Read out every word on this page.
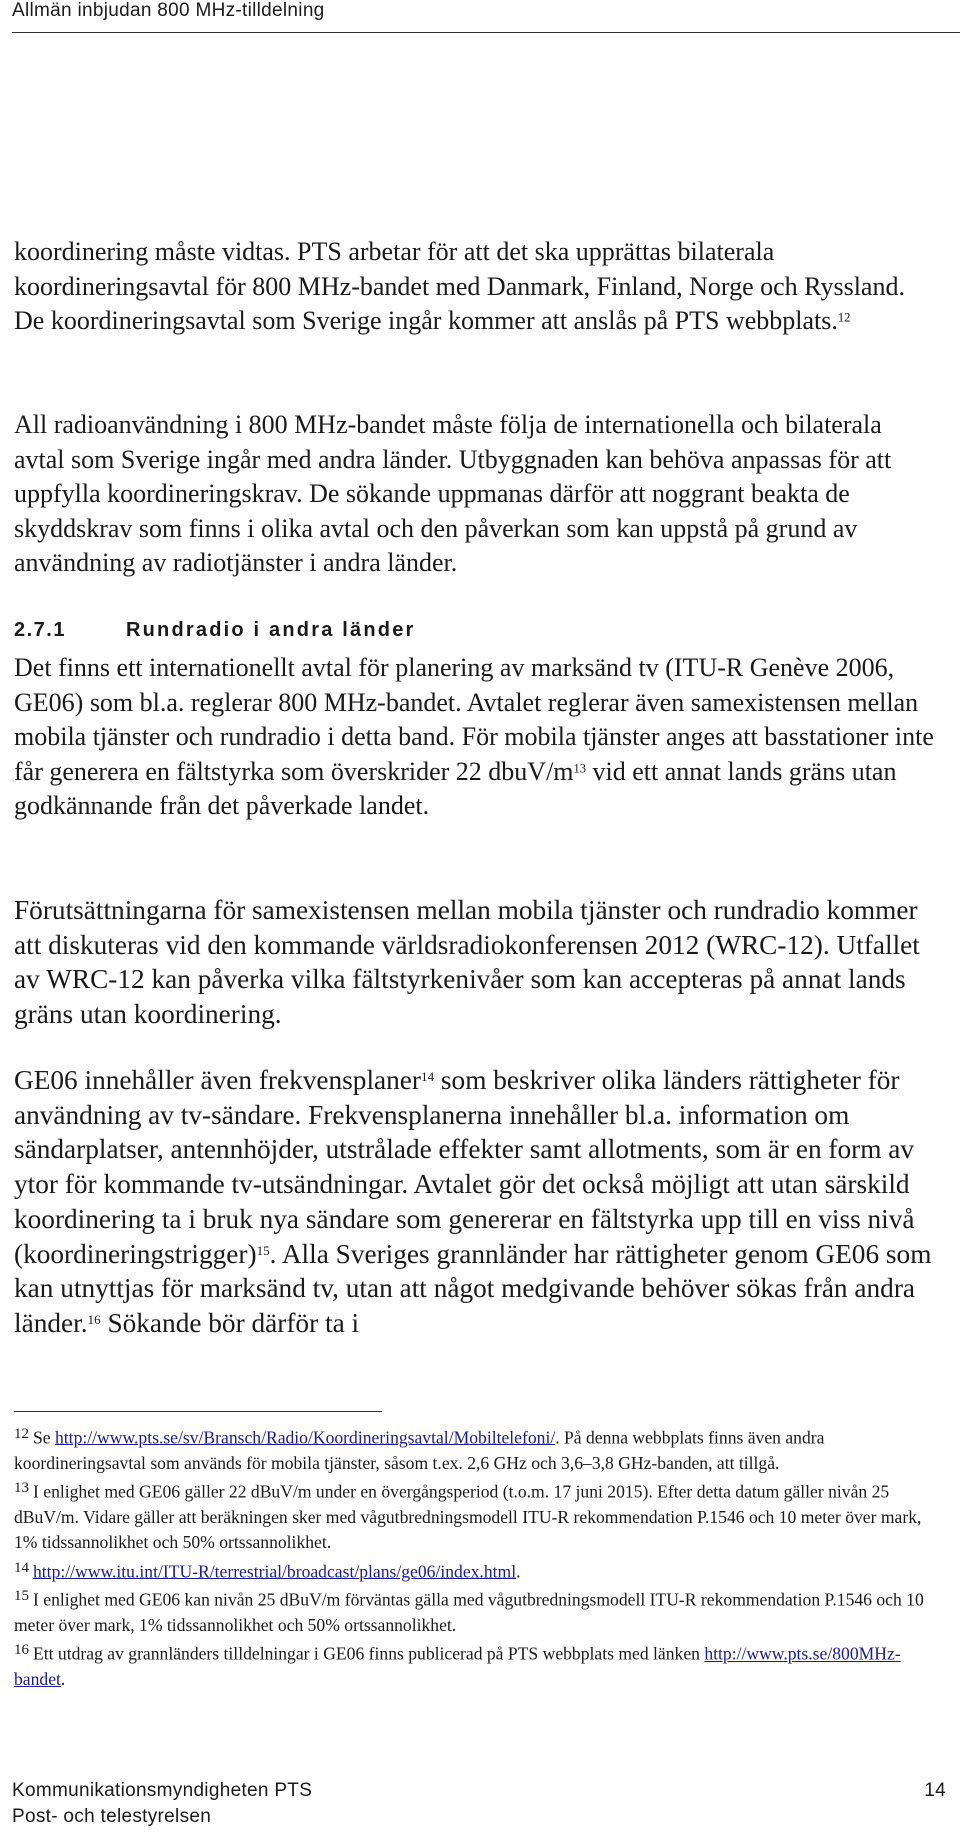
Allmän inbjudan 800 MHz-tilldelning

koordinering måste vidtas. PTS arbetar för att det ska upprättas bilaterala koordineringsavtal för 800 MHz-bandet med Danmark, Finland, Norge och Ryssland. De koordineringsavtal som Sverige ingår kommer att anslås på PTS webbplats.$^{12}$

All radioanvändning i 800 MHz-bandet måste följa de internationella och bilaterala avtal som Sverige ingår med andra länder. Utbyggnaden kan behöva anpassas för att uppfylla koordineringskrav. De sökande uppmanas därför att noggrant beakta de skyddskrav som finns i olika avtal och den påverkan som kan uppstå på grund av användning av radiotjänster i andra länder.

2.7.1	Rundradio i andra länder

Det finns ett internationellt avtal för planering av marksänd tv (ITU-R Genève 2006, GE06) som bl.a. reglerar 800 MHz-bandet. Avtalet reglerar även samexistensen mellan mobila tjänster och rundradio i detta band. För mobila tjänster anges att basstationer inte får generera en fältstyrka som överskrider 22 dbuV/$m^{13}$ vid ett annat lands gräns utan godkännande från det påverkade landet.

Förutsättningarna för samexistensen mellan mobila tjänster och rundradio kommer att diskuteras vid den kommande världsradiokonferensen 2012 (WRC-12). Utfallet av WRC-12 kan påverka vilka fältstyrkenivåer som kan accepteras på annat lands gräns utan koordinering.

GE06 innehåller även frekvensplaner$^{14}$ som beskriver olika länders rättigheter för användning av tv-sändare. Frekvensplanerna innehåller bl.a. information om sändarplatser, antennhöjder, utstrålade effekter samt allotments, som är en form av ytor för kommande tv-utsändningar. Avtalet gör det också möjligt att utan särskild koordinering ta i bruk nya sändare som genererar en fältstyrka upp till en viss nivå (koordineringstrigger)$^{15}$. Alla Sveriges grannländer har rättigheter genom GE06 som kan utnyttjas för marksänd tv, utan att något medgivande behöver sökas från andra länder.$^{16}$ Sökande bör därför ta i

12 Se http://www.pts.se/sv/Bransch/Radio/Koordineringsavtal/Mobiltelefoni/. På denna webbplats finns även andra koordineringsavtal som används för mobila tjänster, såsom t.ex. 2,6 GHz och 3,6–3,8 GHz-banden, att tillgå.

13 I enlighet med GE06 gäller 22 dBuV/m under en övergångsperiod (t.o.m. 17 juni 2015). Efter detta datum gäller nivån 25 dBuV/m. Vidare gäller att beräkningen sker med vågutbredningsmodell ITU-R rekommendation P.1546 och 10 meter över mark, 1% tidssannolikhet och 50% ortssannolikhet.

14 http://www.itu.int/ITU-R/terrestrial/broadcast/plans/ge06/index.html.

15 I enlighet med GE06 kan nivån 25 dBuV/m förväntas gälla med vågutbredningsmodell ITU-R rekommendation P.1546 och 10 meter över mark, 1% tidssannolikhet och 50% ortssannolikhet.

16 Ett utdrag av grannländers tilldelningar i GE06 finns publicerad på PTS webbplats med länken http://www.pts.se/800MHz-bandet.

Kommunikationsmyndigheten PTS	14
Post- och telestyrelsen
